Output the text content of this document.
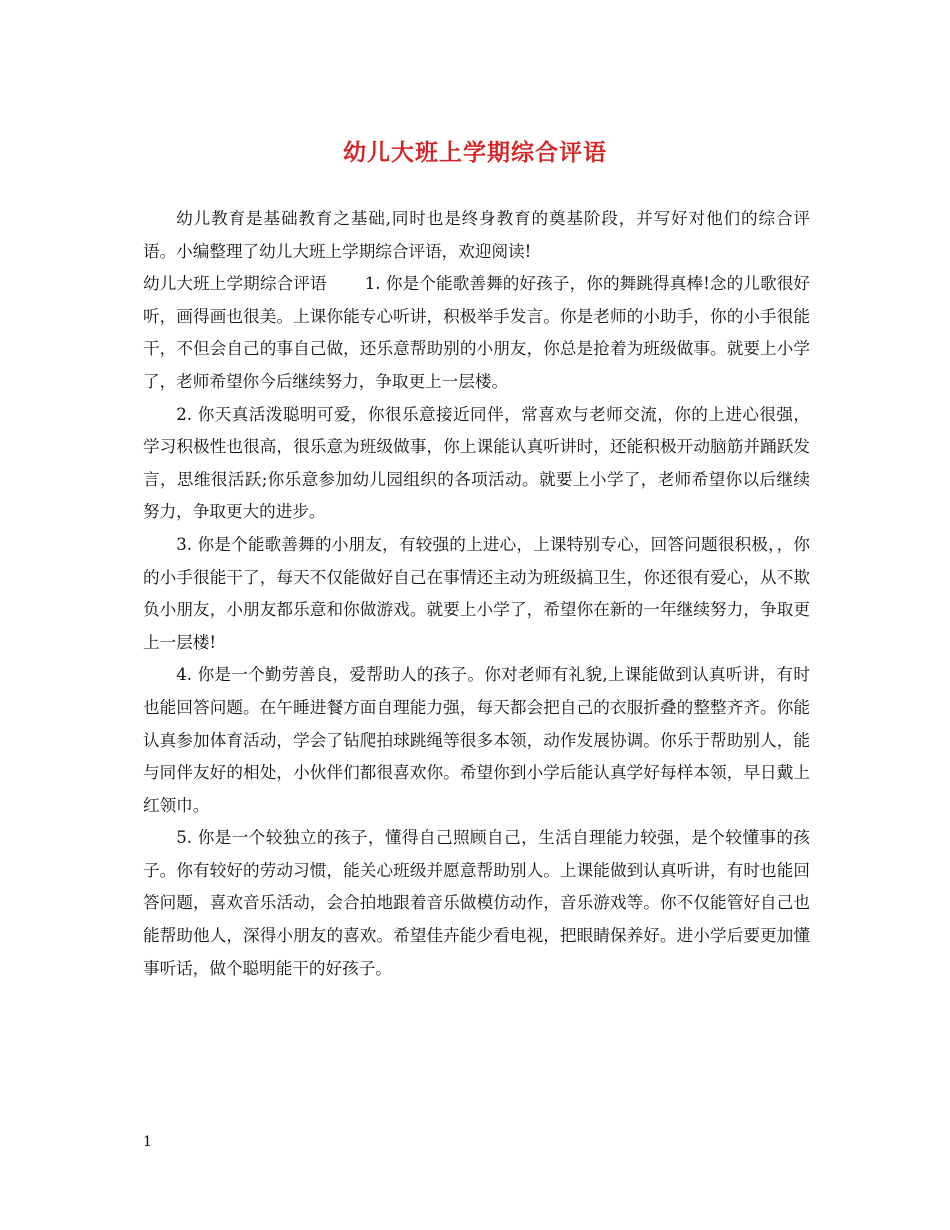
幼儿大班上学期综合评语

幼儿教育是基础教育之基础,同时也是终身教育的奠基阶段，并写好对他们的综合评语。小编整理了幼儿大班上学期综合评语，欢迎阅读!

幼儿大班上学期综合评语 1. 你是个能歌善舞的好孩子，你的舞跳得真棒!念的儿歌很好听，画得画也很美。上课你能专心听讲，积极举手发言。你是老师的小助手，你的小手很能干，不但会自己的事自己做，还乐意帮助别的小朋友，你总是抢着为班级做事。就要上小学了，老师希望你今后继续努力，争取更上一层楼。

2. 你天真活泼聪明可爱，你很乐意接近同伴，常喜欢与老师交流，你的上进心很强，学习积极性也很高，很乐意为班级做事，你上课能认真听讲时，还能积极开动脑筋并踊跃发言，思维很活跃;你乐意参加幼儿园组织的各项活动。就要上小学了，老师希望你以后继续努力，争取更大的进步。

3. 你是个能歌善舞的小朋友，有较强的上进心，上课特别专心，回答问题很积极，，你的小手很能干了，每天不仅能做好自己在事情还主动为班级搞卫生，你还很有爱心，从不欺负小朋友，小朋友都乐意和你做游戏。就要上小学了，希望你在新的一年继续努力，争取更上一层楼!

4. 你是一个勤劳善良，爱帮助人的孩子。你对老师有礼貌,上课能做到认真听讲，有时也能回答问题。在午睡进餐方面自理能力强，每天都会把自己的衣服折叠的整整齐齐。你能认真参加体育活动，学会了钻爬拍球跳绳等很多本领，动作发展协调。你乐于帮助别人，能与同伴友好的相处，小伙伴们都很喜欢你。希望你到小学后能认真学好每样本领，早日戴上红领巾。

5. 你是一个较独立的孩子，懂得自己照顾自己，生活自理能力较强，是个较懂事的孩子。你有较好的劳动习惯，能关心班级并愿意帮助别人。上课能做到认真听讲，有时也能回答问题，喜欢音乐活动，会合拍地跟着音乐做模仿动作，音乐游戏等。你不仅能管好自己也能帮助他人，深得小朋友的喜欢。希望佳卉能少看电视，把眼睛保养好。进小学后要更加懂事听话，做个聪明能干的好孩子。

1
